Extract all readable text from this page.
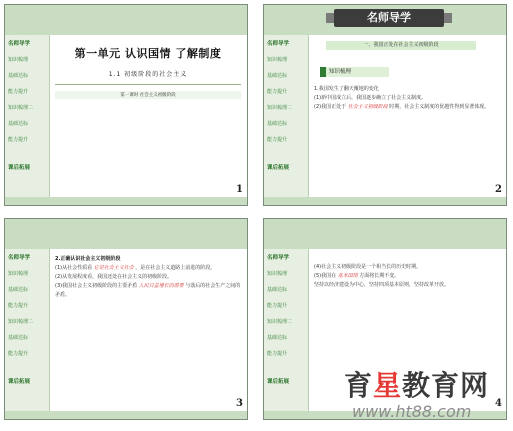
名师导学
知识梳理
基础达标
能力提升
知识梳理二
基础达标
能力提升
课后拓展
第一单元 认识国情 了解制度
1.1 初级阶段的社会主义
第一课时 社会主义初级阶段
1
名师导学
一、我国正处在社会主义初级阶段
名师导学
知识梳理
基础达标
能力提升
知识梳理二
基础达标
能力提升
课后拓展
知识梳理

1.我国发生了翻天覆地的变化

(1)新中国成立后，我国逐步确立了社会主义制度。

(2)我国正处于 社会主义初级阶段 时期，社会主义制度的优越性得到显著体现。

2
名师导学
知识梳理
基础达标
能力提升
知识梳理二
基础达标
能力提升
课后拓展

2.正确认识社会主义初级阶段

(1)从社会性质看 它是社会主义社会 ，是在社会主义道路上前进的阶段。

(2)从发展程度看，我国还处在社会主义的初级阶段。

(3)我国社会主义初级阶段的主要矛盾 人民日益增长的需要 与落后的社会生产之间的矛盾。

3
名师导学
知识梳理
基础达标
能力提升
知识梳理二
基础达标
能力提升
课后拓展

(4)社会主义初级阶段是一个相当长的历史时期。

(5)我国在 基本国情 方面将长期不变。

坚持以经济建设为中心，坚持四项基本原则，坚持改革开放。

4
育星教育网
www.ht88.com
